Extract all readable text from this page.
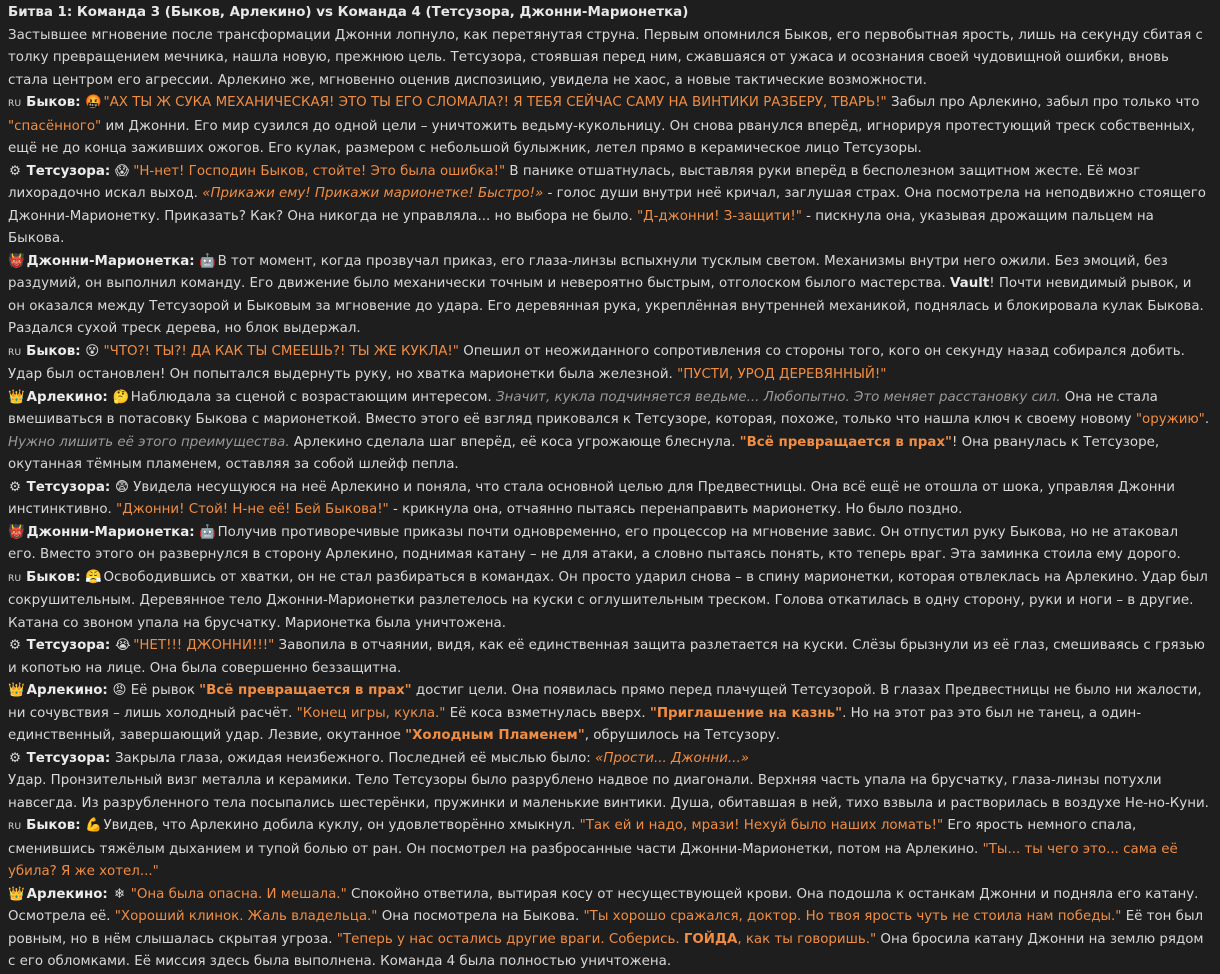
Битва 1: Команда 3 (Быков, Арлекино) vs Команда 4 (Тетсузора, Джонни-Марионетка)
Застывшее мгновение после трансформации Джонни лопнуло, как перетянутая струна. Первым опомнился Быков, его первобытная ярость, лишь на секунду сбитая с толку превращением мечника, нашла новую, прежнюю цель. Тетсузора, стоявшая перед ним, сжавшаяся от ужаса и осознания своей чудовищной ошибки, вновь стала центром его агрессии. Арлекино же, мгновенно оценив диспозицию, увидела не хаос, а новые тактические возможности.
RU Быков: 🤬 "АХ ТЫ Ж СУКА МЕХАНИЧЕСКАЯ! ЭТО ТЫ ЕГО СЛОМАЛА?! Я ТЕБЯ СЕЙЧАС САМУ НА ВИНТИКИ РАЗБЕРУ, ТВАРЬ!" Забыл про Арлекино, забыл про только что "спасённого" им Джонни. Его мир сузился до одной цели – уничтожить ведьму-кукольницу. Он снова рванулся вперёд, игнорируя протестующий треск собственных, ещё не до конца заживших ожогов. Его кулак, размером с небольшой булыжник, летел прямо в керамическое лицо Тетсузоры.
⚙ Тетсузора: 😱 "Н-нет! Господин Быков, стойте! Это была ошибка!" В панике отшатнулась, выставляя руки вперёд в бесполезном защитном жесте. Её мозг лихорадочно искал выход. «Прикажи ему! Прикажи марионетке! Быстро!» - голос души внутри неё кричал, заглушая страх. Она посмотрела на неподвижно стоящего Джонни-Марионетку. Приказать? Как? Она никогда не управляла... но выбора не было. "Д-джонни! З-защити!" - пискнула она, указывая дрожащим пальцем на Быкова.
👹 Джонни-Марионетка: 🤖 В тот момент, когда прозвучал приказ, его глаза-линзы вспыхнули тусклым светом. Механизмы внутри него ожили. Без эмоций, без раздумий, он выполнил команду. Его движение было механически точным и невероятно быстрым, отголоском былого мастерства. Vault! Почти невидимый рывок, и он оказался между Тетсузорой и Быковым за мгновение до удара. Его деревянная рука, укреплённая внутренней механикой, поднялась и блокировала кулак Быкова. Раздался сухой треск дерева, но блок выдержал.
RU Быков: 😵 "ЧТО?! ТЫ?! ДА КАК ТЫ СМЕЕШЬ?! ТЫ ЖЕ КУКЛА!" Опешил от неожиданного сопротивления со стороны того, кого он секунду назад собирался добить. Удар был остановлен! Он попытался выдернуть руку, но хватка марионетки была железной. "ПУСТИ, УРОД ДЕРЕВЯННЫЙ!"
👑 Арлекино: 🤔 Наблюдала за сценой с возрастающим интересом. Значит, кукла подчиняется ведьме... Любопытно. Это меняет расстановку сил. Она не стала вмешиваться в потасовку Быкова с марионеткой. Вместо этого её взгляд приковался к Тетсузоре, которая, похоже, только что нашла ключ к своему новому "оружию". Нужно лишить её этого преимущества. Арлекино сделала шаг вперёд, её коса угрожающе блеснула. "Всё превращается в прах"! Она рванулась к Тетсузоре, окутанная тёмным пламенем, оставляя за собой шлейф пепла.
⚙ Тетсузора: 😨 Увидела несущуюся на неё Арлекино и поняла, что стала основной целью для Предвестницы. Она всё ещё не отошла от шока, управляя Джонни инстинктивно. "Джонни! Стой! Н-не её! Бей Быкова!" - крикнула она, отчаянно пытаясь перенаправить марионетку. Но было поздно.
👹 Джонни-Марионетка: 🤖 Получив противоречивые приказы почти одновременно, его процессор на мгновение завис. Он отпустил руку Быкова, но не атаковал его. Вместо этого он развернулся в сторону Арлекино, поднимая катану – не для атаки, а словно пытаясь понять, кто теперь враг. Эта заминка стоила ему дорого.
RU Быков: 😤 Освободившись от хватки, он не стал разбираться в командах. Он просто ударил снова – в спину марионетки, которая отвлеклась на Арлекино. Удар был сокрушительным. Деревянное тело Джонни-Марионетки разлетелось на куски с оглушительным треском. Голова откатилась в одну сторону, руки и ноги – в другие. Катана со звоном упала на брусчатку. Марионетка была уничтожена.
⚙ Тетсузора: 😭 "НЕТ!!! ДЖОННИ!!!" Завопила в отчаянии, видя, как её единственная защита разлетается на куски. Слёзы брызнули из её глаз, смешиваясь с грязью и копотью на лице. Она была совершенно беззащитна.
👑 Арлекино: 😡 Её рывок "Всё превращается в прах" достиг цели. Она появилась прямо перед плачущей Тетсузорой. В глазах Предвестницы не было ни жалости, ни сочувствия – лишь холодный расчёт. "Конец игры, кукла." Её коса взметнулась вверх. "Приглашение на казнь". Но на этот раз это был не танец, а один-единственный, завершающий удар. Лезвие, окутанное "Холодным Пламенем", обрушилось на Тетсузору.
⚙ Тетсузора: Закрыла глаза, ожидая неизбежного. Последней её мыслью было: «Прости... Джонни...»
Удар. Пронзительный визг металла и керамики. Тело Тетсузоры было разрублено надвое по диагонали. Верхняя часть упала на брусчатку, глаза-линзы потухли навсегда. Из разрубленного тела посыпались шестерёнки, пружинки и маленькие винтики. Душа, обитавшая в ней, тихо взвыла и растворилась в воздухе Не-но-Куни.
RU Быков: 💪 Увидев, что Арлекино добила куклу, он удовлетворённо хмыкнул. "Так ей и надо, мрази! Нехуй было наших ломать!" Его ярость немного спала, сменившись тяжёлым дыханием и тупой болью от ран. Он посмотрел на разбросанные части Джонни-Марионетки, потом на Арлекино. "Ты... ты чего это... сама её убила? Я же хотел..."
👑 Арлекино: ❄ "Она была опасна. И мешала." Спокойно ответила, вытирая косу от несуществующей крови. Она подошла к останкам Джонни и подняла его катану. Осмотрела её. "Хороший клинок. Жаль владельца." Она посмотрела на Быкова. "Ты хорошо сражался, доктор. Но твоя ярость чуть не стоила нам победы." Её тон был ровным, но в нём слышалась скрытая угроза. "Теперь у нас остались другие враги. Соберись. ГОЙДА, как ты говоришь." Она бросила катану Джонни на землю рядом с его обломками. Её миссия здесь была выполнена. Команда 4 была полностью уничтожена.
